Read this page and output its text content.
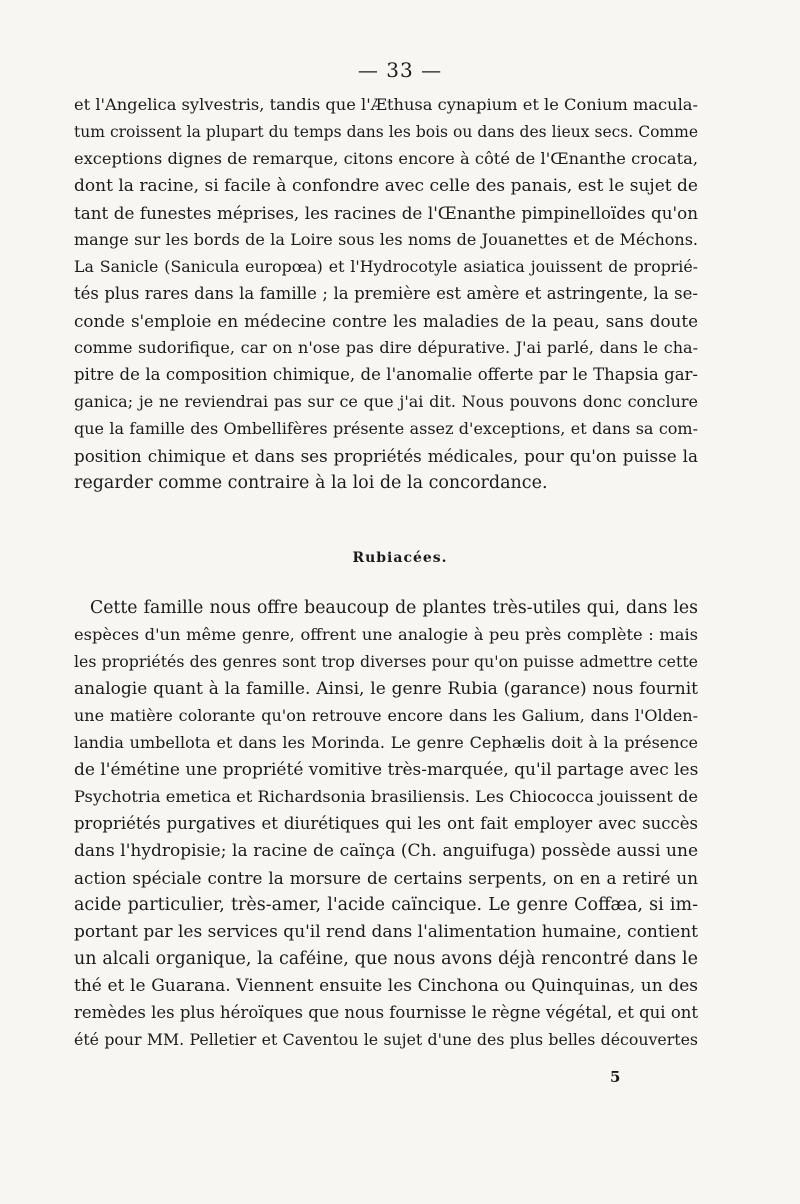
— 33 —
et l'Angelica sylvestris, tandis que l'Æthusa cynapium et le Conium macula-
tum croissent la plupart du temps dans les bois ou dans des lieux secs. Comme
exceptions dignes de remarque, citons encore à côté de l'Œnanthe crocata,
dont la racine, si facile à confondre avec celle des panais, est le sujet de
tant de funestes méprises, les racines de l'Œnanthe pimpinelloïdes qu'on
mange sur les bords de la Loire sous les noms de Jouanettes et de Méchons.
La Sanicle (Sanicula europœa) et l'Hydrocotyle asiatica jouissent de proprié-
tés plus rares dans la famille ; la première est amère et astringente, la se-
conde s'emploie en médecine contre les maladies de la peau, sans doute
comme sudorifique, car on n'ose pas dire dépurative. J'ai parlé, dans le cha-
pitre de la composition chimique, de l'anomalie offerte par le Thapsia gar-
ganica; je ne reviendrai pas sur ce que j'ai dit. Nous pouvons donc conclure
que la famille des Ombellifères présente assez d'exceptions, et dans sa com-
position chimique et dans ses propriétés médicales, pour qu'on puisse la
regarder comme contraire à la loi de la concordance.
Rubiacées.
Cette famille nous offre beaucoup de plantes très-utiles qui, dans les
espèces d'un même genre, offrent une analogie à peu près complète : mais
les propriétés des genres sont trop diverses pour qu'on puisse admettre cette
analogie quant à la famille. Ainsi, le genre Rubia (garance) nous fournit
une matière colorante qu'on retrouve encore dans les Galium, dans l'Olden-
landia umbellota et dans les Morinda. Le genre Cephælis doit à la présence
de l'émétine une propriété vomitive très-marquée, qu'il partage avec les
Psychotria emetica et Richardsonia brasiliensis. Les Chiococca jouissent de
propriétés purgatives et diurétiques qui les ont fait employer avec succès
dans l'hydropisie; la racine de caïnça (Ch. anguifuga) possède aussi une
action spéciale contre la morsure de certains serpents, on en a retiré un
acide particulier, très-amer, l'acide caïncique. Le genre Coffæa, si im-
portant par les services qu'il rend dans l'alimentation humaine, contient
un alcali organique, la caféine, que nous avons déjà rencontré dans le
thé et le Guarana. Viennent ensuite les Cinchona ou Quinquinas, un des
remèdes les plus héroïques que nous fournisse le règne végétal, et qui ont
été pour MM. Pelletier et Caventou le sujet d'une des plus belles découvertes
5
